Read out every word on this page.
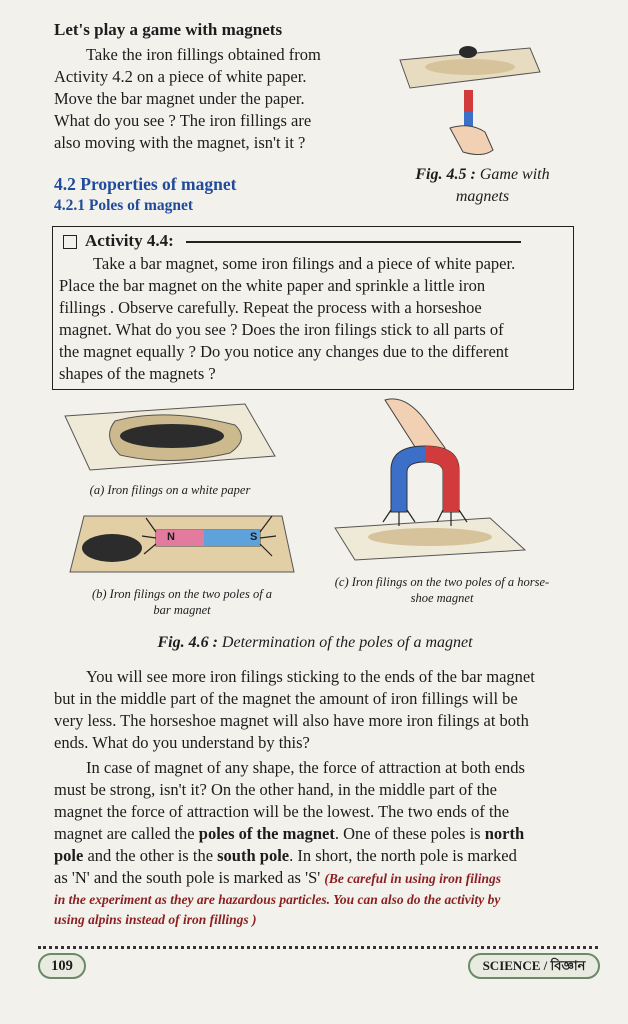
Let's play a game with magnets

Take the iron fillings obtained from

Activity 4.2 on a piece of white paper.

Move the bar magnet under the paper.

What do you see ? The iron fillings are

also moving with the magnet, isn't it ?

Fig. 4.5 : Game with
magnets
4.2 Properties of magnet
4.2.1 Poles of magnet
Activity 4.4:

Take a bar magnet, some iron filings and a piece of white paper.

Place the bar magnet on the white paper and sprinkle a little iron

fillings . Observe carefully. Repeat the process with a horseshoe

magnet. What do you see ? Does the iron filings stick to all parts of

the magnet equally ? Do you notice any changes due to the different

shapes of the magnets ?

(a) Iron filings on a white paper
N	S
(b) Iron filings on the two poles of a
bar magnet
(c) Iron filings on the two poles of a horse-
shoe magnet
Fig. 4.6 : Determination of the poles of a magnet

You will see more iron filings sticking to the ends of the bar magnet

but in the middle part of the magnet the amount of iron fillings will be

very less. The horseshoe magnet will also have more iron filings at both

ends. What do you understand by this?

In case of magnet of any shape, the force of attraction at both ends

must be strong, isn't it? On the other hand, in the middle part of the

magnet the force of attraction will be the lowest. The two ends of the

magnet are called the poles of the magnet. One of these poles is north

pole and the other is the south pole. In short, the north pole is marked

as 'N' and the south pole is marked as 'S' (Be careful in using iron filings

in the experiment as they are hazardous particles. You can also do the activity by

using alpins instead of iron fillings )

109	SCIENCE / বিজ্ঞান
